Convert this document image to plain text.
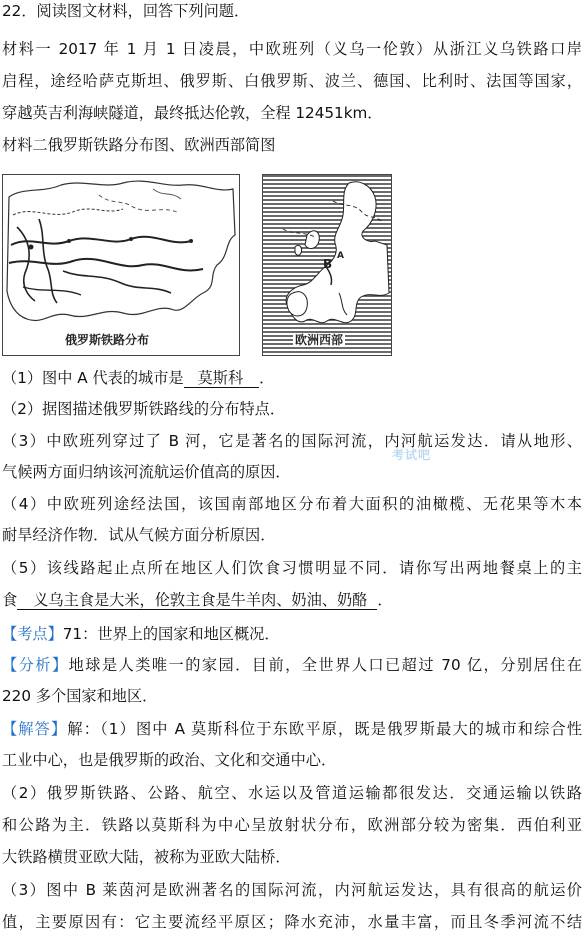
22．阅读图文材料，回答下列问题．
材料一 2017 年 1 月 1 日凌晨，中欧班列（义乌一伦敦）从浙江义乌铁路口岸
启程，途经哈萨克斯坦、俄罗斯、白俄罗斯、波兰、德国、比利时、法国等国家，
穿越英吉利海峡隧道，最终抵达伦敦，全程 12451km．
材料二俄罗斯铁路分布图、欧洲西部简图
俄罗斯铁路分布	欧洲西部
B
A
（1）图中 A 代表的城市是 莫斯科 ．
（2）据图描述俄罗斯铁路线的分布特点．
（3）中欧班列穿过了 B 河，它是著名的国际河流，内河航运发达．请从地形、
气候两方面归纳该河流航运价值高的原因．
（4）中欧班列途经法国，该国南部地区分布着大面积的油橄榄、无花果等木本
耐旱经济作物．试从气候方面分析原因．
（5）该线路起止点所在地区人们饮食习惯明显不同．请你写出两地餐桌上的主
食 义乌主食是大米，伦敦主食是牛羊肉、奶油、奶酪 ．
【考点】71：世界上的国家和地区概况．
【分析】地球是人类唯一的家园．目前，全世界人口已超过 70 亿，分别居住在
220 多个国家和地区．
【解答】解：（1）图中 A 莫斯科位于东欧平原，既是俄罗斯最大的城市和综合性
工业中心，也是俄罗斯的政治、文化和交通中心．
（2）俄罗斯铁路、公路、航空、水运以及管道运输都很发达．交通运输以铁路
和公路为主．铁路以莫斯科为中心呈放射状分布，欧洲部分较为密集．西伯利亚
大铁路横贯亚欧大陆，被称为亚欧大陆桥．
（3）图中 B 莱茵河是欧洲著名的国际河流，内河航运发达，具有很高的航运价
值，主要原因有：它主要流经平原区；降水充沛，水量丰富，而且冬季河流不结
考试吧
